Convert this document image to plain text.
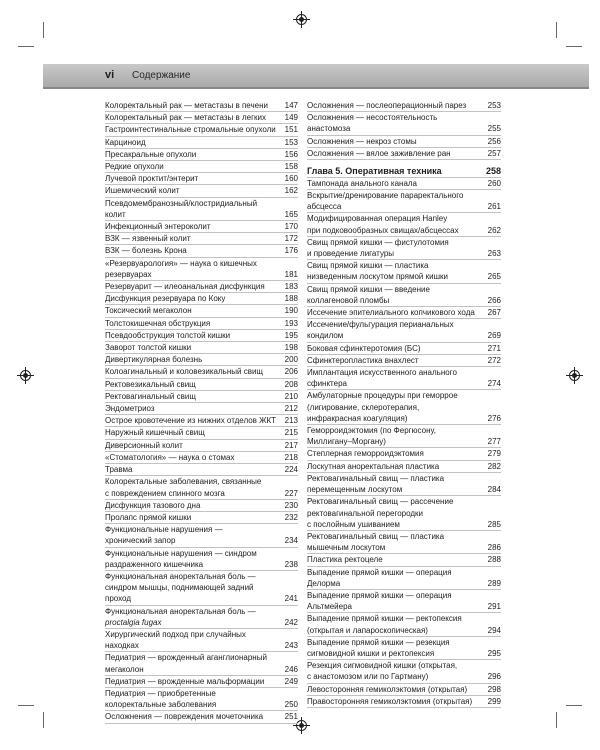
vi Содержание
Колоректальный рак — метастазы в печени	147
Колоректальный рак — метастазы в легких	149
Гастроинтестинальные стромальные опухоли 151
Карциноид	153
Пресакральные опухоли	156
Редкие опухоли	158
Лучевой проктит/энтерит	160
Ишемический колит	162
Псевдомембранозный/клостридиальный колит	165
Инфекционный энтероколит	170
ВЗК — язвенный колит	172
ВЗК — болезнь Крона	176
«Резервуарология» — наука о кишечных
резервуарах	181
Резервуарит — илеоанальная дисфункция	183
Дисфункция резервуара по Коку	188
Токсический мегаколон	190
Толстокишечная обструкция	193
Псевдообструкция толстой кишки	195
Заворот толстой кишки	198
Дивертикулярная болезнь	200
Колоагинальный и коловезикальный свищ	206
Ректовезикальный свищ	208
Ректовагинальный свищ	210
Эндометриоз	212
Острое кровотечение из нижних отделов ЖКТ 213
Наружный кишечный свищ	215
Диверсионный колит	217
«Стоматология» — наука о стомах	218
Травма	224
Колоректальные заболевания, связанные
с повреждением спинного мозга	227
Дисфункция тазового дна	230
Пролапс прямой кишки	232
Функциональные нарушения —
хронический запор	234
Функциональные нарушения — синдром
раздраженного кишечника	238
Функциональная аноректальная боль —
синдром мышцы, поднимающей задний
проход	241
Функциональная аноректальная боль —
proctalgia fugax	242
Хирургический подход при случайных
находках	243
Педиатрия — врожденный аганглионарный
мегаколон	246
Педиатрия — врожденные мальформации	249
Педиатрия — приобретенные
колоректальные заболевания	250
Осложнения — повреждения мочеточника	251
Осложнения — послеоперационный парез	253
Осложнения — несостоятельность анастомоза	255
Осложнения — некроз стомы	256
Осложнения — вялое заживление ран	257
Глава 5. Оперативная техника	258
Тампонада анального канала	260
Вскрытие/дренирование параректального
абсцесса	261
Модифицированная операция Hanley
при подковообразных свищах/абсцессах	262
Свищ прямой кишки — фистулотомия
и проведение лигатуры	263
Свищ прямой кишки — пластика
низведенным лоскутом прямой кишки	265
Свищ прямой кишки — введение
коллагеновой пломбы	266
Иссечение эпителиального копчикового хода	267
Иссечение/фульгурация перианальных
кондилом	269
Боковая сфинктеротомия (БС)	271
Сфинктеропластика внахлест	272
Имплантация искусственного анального
сфинктера	274
Амбулаторные процедуры при геморрое
(лигирование, склеротерапия,
инфракрасная коагуляция)	276
Геморроидэктомия (по Фергюсону,
Миллигану–Моргану)	277
Степлерная геморроидэктомия	279
Лоскутная аноректальная пластика	282
Ректовагинальный свищ — пластика
перемещенным лоскутом	284
Ректовагинальный свищ — рассечение
ректовагинальной перегородки
с послойным ушиванием	285
Ректовагинальный свищ — пластика
мышечным лоскутом	286
Пластика ректоцеле	288
Выпадение прямой кишки — операция
Делорма	289
Выпадение прямой кишки — операция
Альтмейера	291
Выпадение прямой кишки — ректопексия
(открытая и лапароскопическая)	294
Выпадение прямой кишки — резекция
сигмовидной кишки и ректопексия	295
Резекция сигмовидной кишки (открытая,
с анастомозом или по Гартману)	296
Левосторонняя гемиколэктомия (открытая)	298
Правосторонняя гемиколэктомия (открытая)	299
